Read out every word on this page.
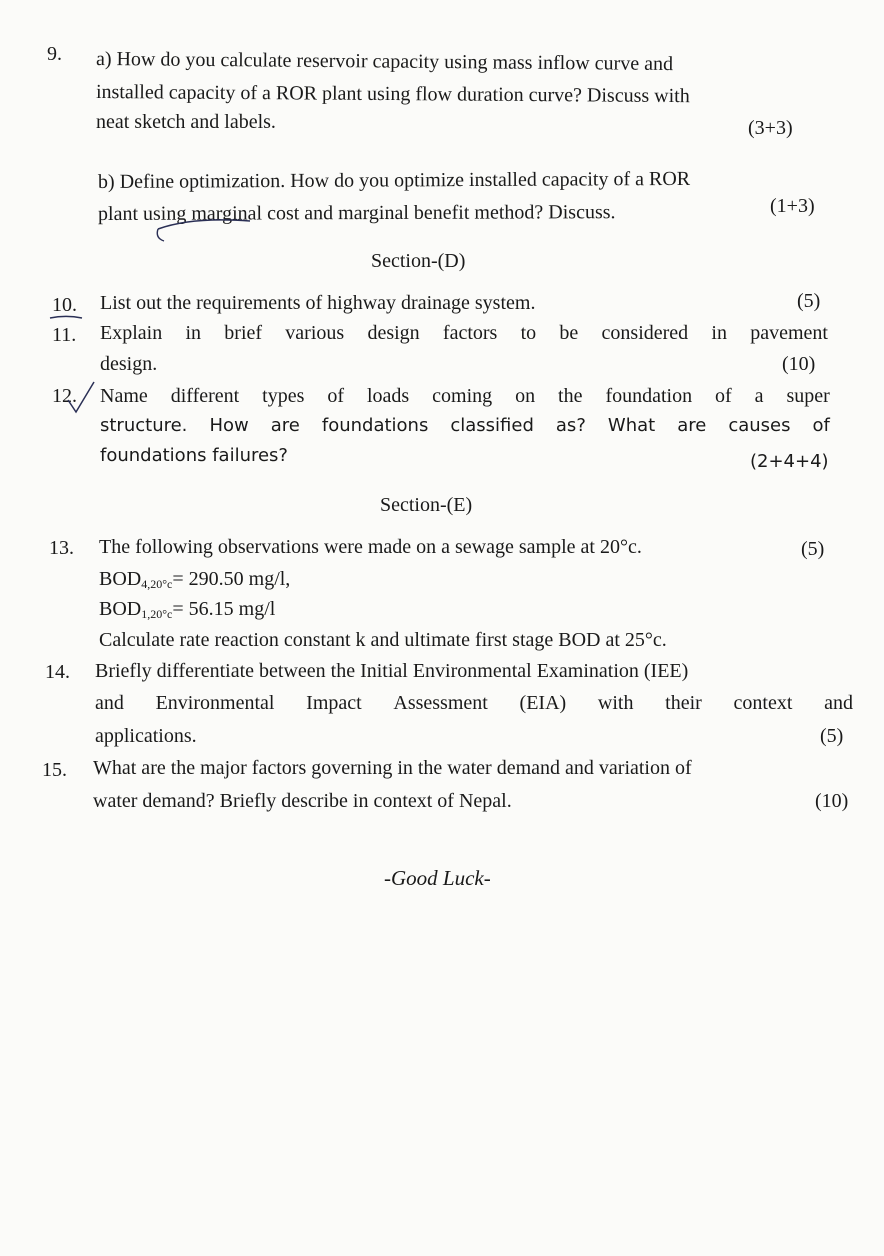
9. a) How do you calculate reservoir capacity using mass inflow curve and
installed capacity of a ROR plant using flow duration curve? Discuss with
neat sketch and labels.	(3+3)
b) Define optimization. How do you optimize installed capacity of a ROR
plant using marginal cost and marginal benefit method? Discuss.	(1+3)
Section-(D)
10. List out the requirements of highway drainage system.	(5)
11. Explain in brief various design factors to be considered in pavement
design.	(10)
12. Name different types of loads coming on the foundation of a super
structure. How are foundations classified as? What are causes of
foundations failures?	(2+4+4)
Section-(E)
13. The following observations were made on a sewage sample at 20°c.	(5)
$BOD_{4,20^\circ c}= 290.50$ mg/l,
$BOD_{1,20^\circ c}= 56.15$ mg/l
Calculate rate reaction constant k and ultimate first stage BOD at 25°c.
14. Briefly differentiate between the Initial Environmental Examination (IEE)
and Environmental Impact Assessment (EIA) with their context and
applications.	(5)
15. What are the major factors governing in the water demand and variation of
water demand? Briefly describe in context of Nepal.	(10)
-Good Luck-
